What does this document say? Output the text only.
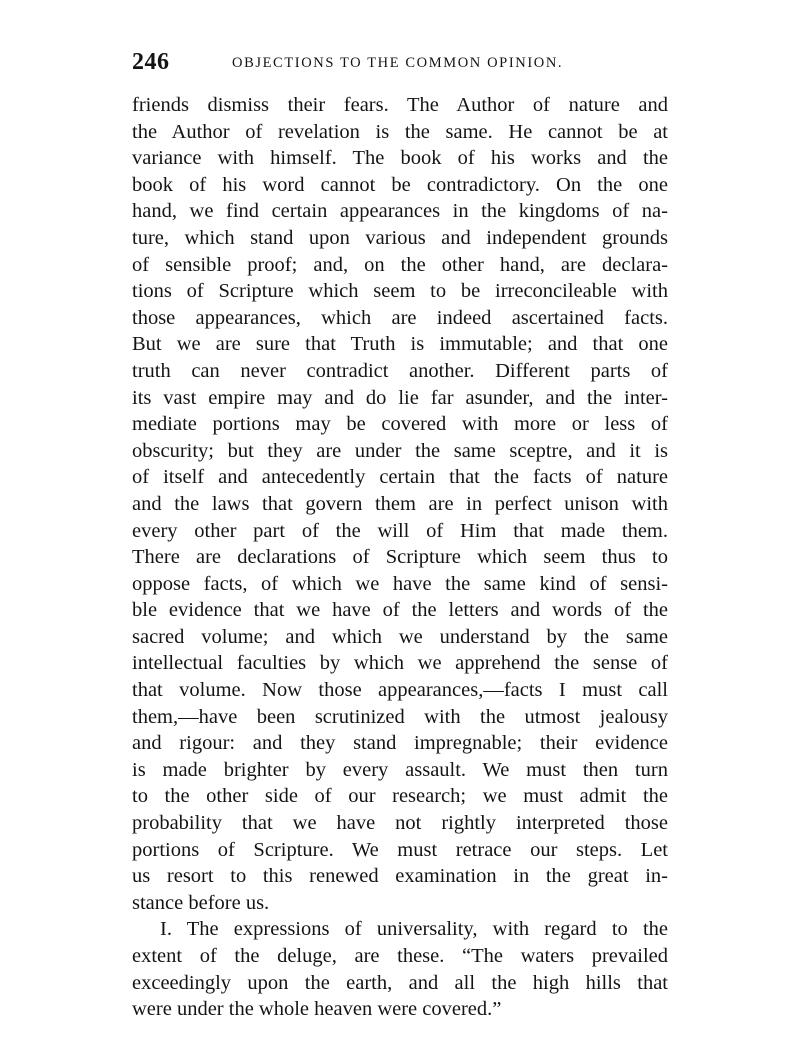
246	OBJECTIONS TO THE COMMON OPINION.
friends dismiss their fears. The Author of nature and
the Author of revelation is the same. He cannot be at
variance with himself. The book of his works and the
book of his word cannot be contradictory. On the one
hand, we find certain appearances in the kingdoms of na-
ture, which stand upon various and independent grounds
of sensible proof; and, on the other hand, are declara-
tions of Scripture which seem to be irreconcileable with
those appearances, which are indeed ascertained facts.
But we are sure that Truth is immutable; and that one
truth can never contradict another. Different parts of
its vast empire may and do lie far asunder, and the inter-
mediate portions may be covered with more or less of
obscurity; but they are under the same sceptre, and it is
of itself and antecedently certain that the facts of nature
and the laws that govern them are in perfect unison with
every other part of the will of Him that made them.
There are declarations of Scripture which seem thus to
oppose facts, of which we have the same kind of sensi-
ble evidence that we have of the letters and words of the
sacred volume; and which we understand by the same
intellectual faculties by which we apprehend the sense of
that volume. Now those appearances,—facts I must call
them,—have been scrutinized with the utmost jealousy
and rigour: and they stand impregnable; their evidence
is made brighter by every assault. We must then turn
to the other side of our research; we must admit the
probability that we have not rightly interpreted those
portions of Scripture. We must retrace our steps. Let
us resort to this renewed examination in the great in-
stance before us.
I. The expressions of universality, with regard to the
extent of the deluge, are these. “The waters prevailed
exceedingly upon the earth, and all the high hills that
were under the whole heaven were covered.”
